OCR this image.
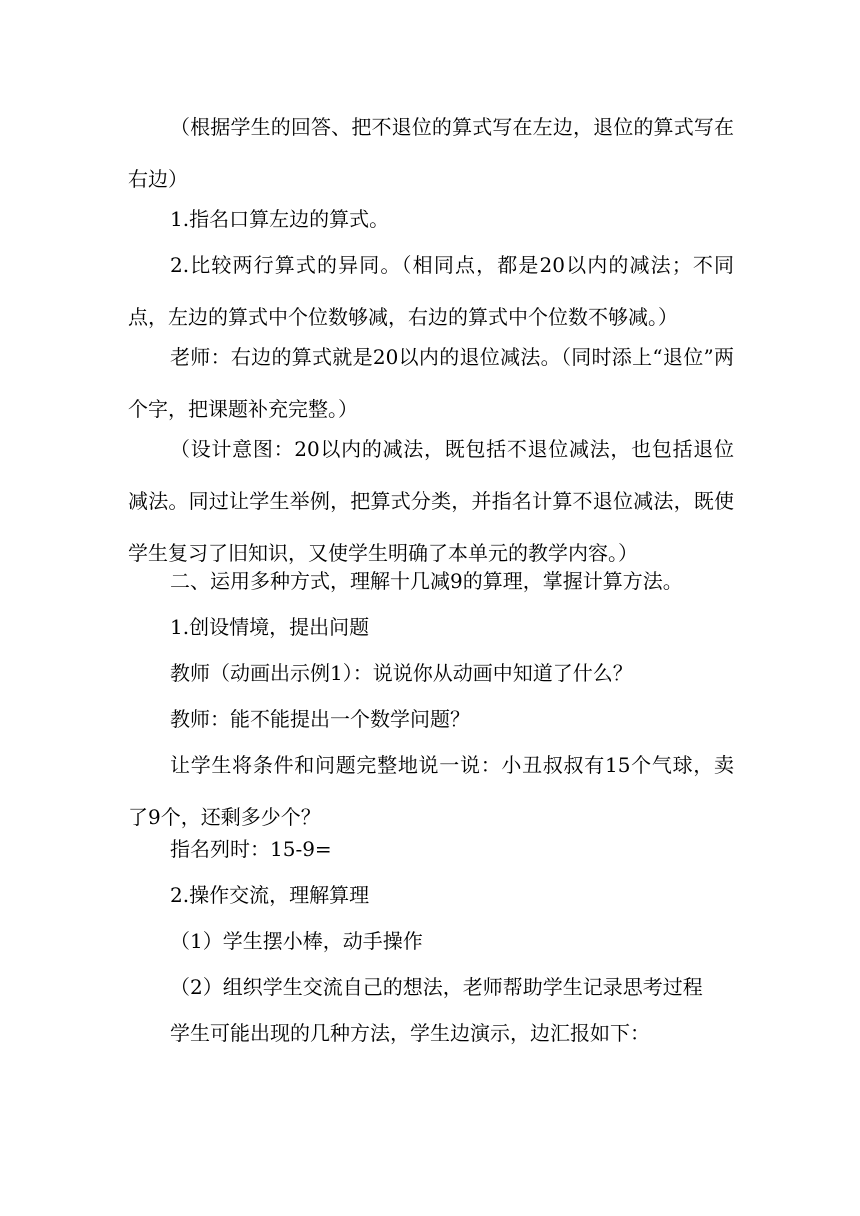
（根据学生的回答、把不退位的算式写在左边，退位的算式写在右边）

1.指名口算左边的算式。

2.比较两行算式的异同。（相同点，都是20以内的减法；不同点，左边的算式中个位数够减，右边的算式中个位数不够减。）

老师：右边的算式就是20以内的退位减法。（同时添上“退位”两个字，把课题补充完整。）

（设计意图：20以内的减法，既包括不退位减法，也包括退位减法。同过让学生举例，把算式分类，并指名计算不退位减法，既使学生复习了旧知识，又使学生明确了本单元的教学内容。）

二、运用多种方式，理解十几减9的算理，掌握计算方法。

1.创设情境，提出问题

教师（动画出示例1）：说说你从动画中知道了什么？

教师：能不能提出一个数学问题？

让学生将条件和问题完整地说一说：小丑叔叔有15个气球，卖了9个，还剩多少个？

指名列时：15-9=

2.操作交流，理解算理

（1）学生摆小棒，动手操作

（2）组织学生交流自己的想法，老师帮助学生记录思考过程

学生可能出现的几种方法，学生边演示，边汇报如下：
